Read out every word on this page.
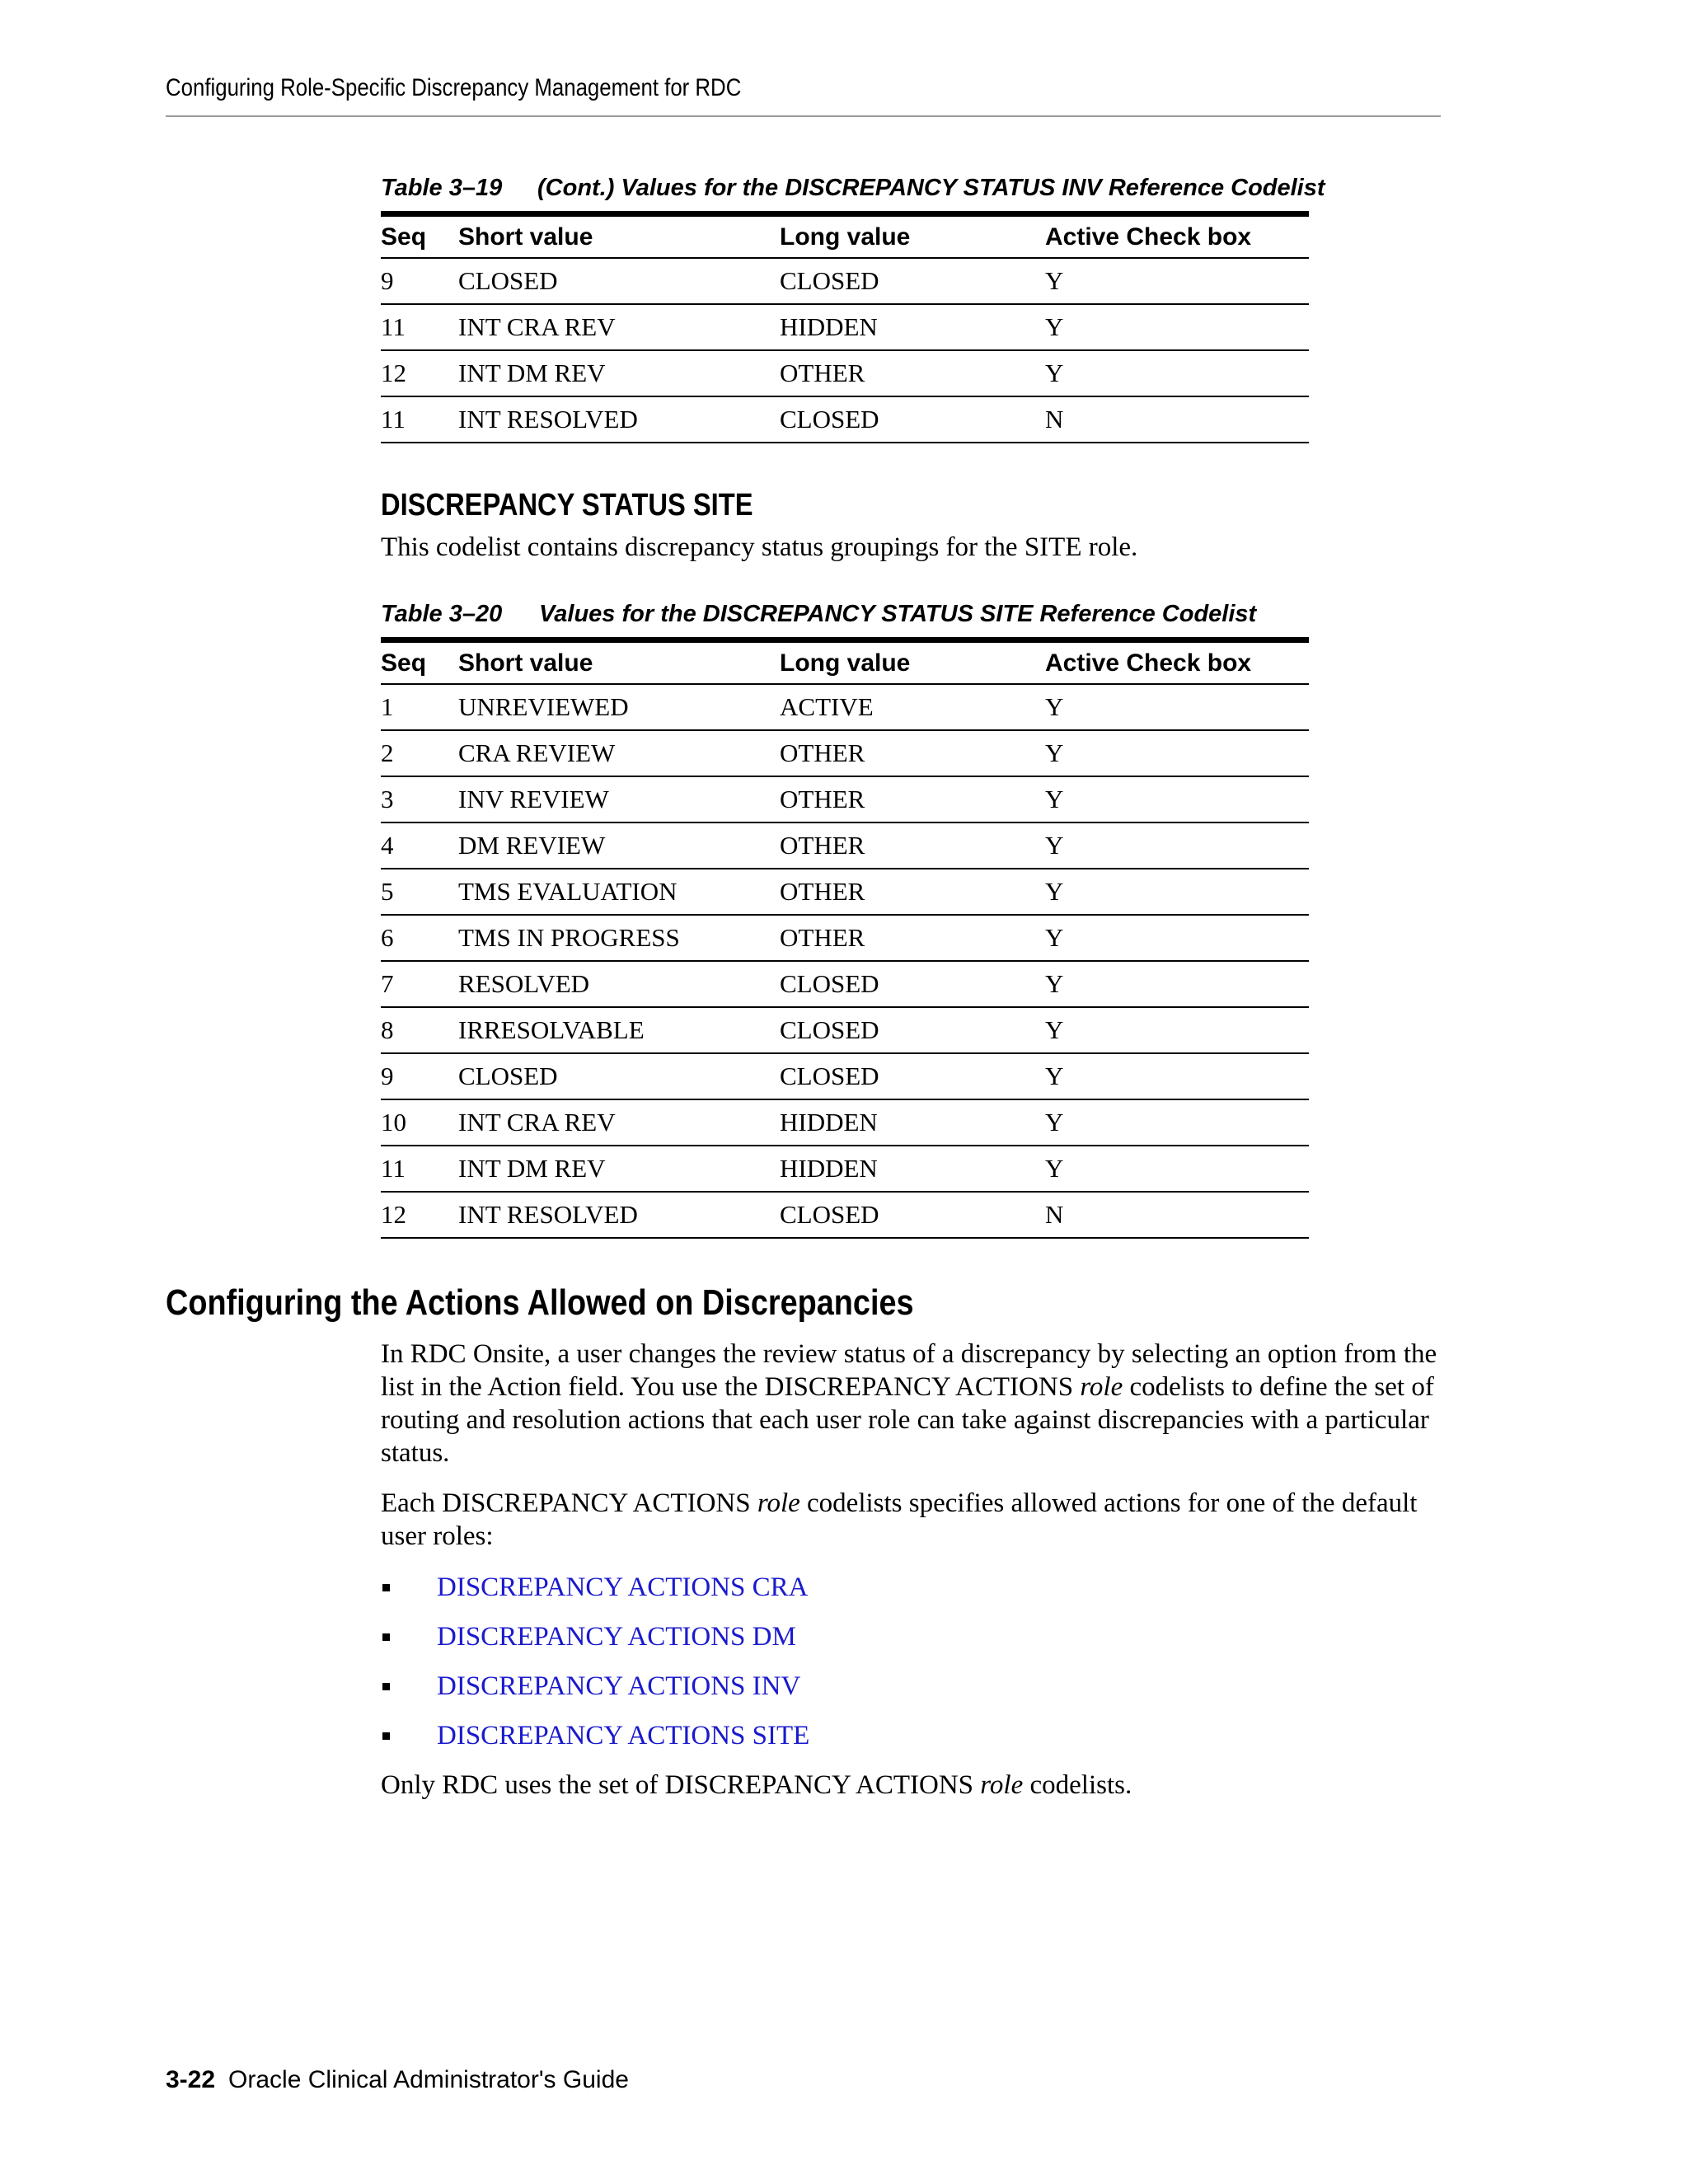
Configuring Role-Specific Discrepancy Management for RDC
Table 3–19 (Cont.) Values for the DISCREPANCY STATUS INV Reference Codelist
Seq	Short value	Long value	Active Check box
9	CLOSED	CLOSED	Y
11	INT CRA REV	HIDDEN	Y
12	INT DM REV	OTHER	Y
11	INT RESOLVED	CLOSED	N
DISCREPANCY STATUS SITE
This codelist contains discrepancy status groupings for the SITE role.
Table 3–20 Values for the DISCREPANCY STATUS SITE Reference Codelist
Seq	Short value	Long value	Active Check box
1	UNREVIEWED	ACTIVE	Y
2	CRA REVIEW	OTHER	Y
3	INV REVIEW	OTHER	Y
4	DM REVIEW	OTHER	Y
5	TMS EVALUATION	OTHER	Y
6	TMS IN PROGRESS	OTHER	Y
7	RESOLVED	CLOSED	Y
8	IRRESOLVABLE	CLOSED	Y
9	CLOSED	CLOSED	Y
10	INT CRA REV	HIDDEN	Y
11	INT DM REV	HIDDEN	Y
12	INT RESOLVED	CLOSED	N
Configuring the Actions Allowed on Discrepancies
In RDC Onsite, a user changes the review status of a discrepancy by selecting an option from the list in the Action field. You use the DISCREPANCY ACTIONS role codelists to define the set of routing and resolution actions that each user role can take against discrepancies with a particular status.
Each DISCREPANCY ACTIONS role codelists specifies allowed actions for one of the default user roles:
DISCREPANCY ACTIONS CRA
DISCREPANCY ACTIONS DM
DISCREPANCY ACTIONS INV
DISCREPANCY ACTIONS SITE
Only RDC uses the set of DISCREPANCY ACTIONS role codelists.
3-22 Oracle Clinical Administrator's Guide
